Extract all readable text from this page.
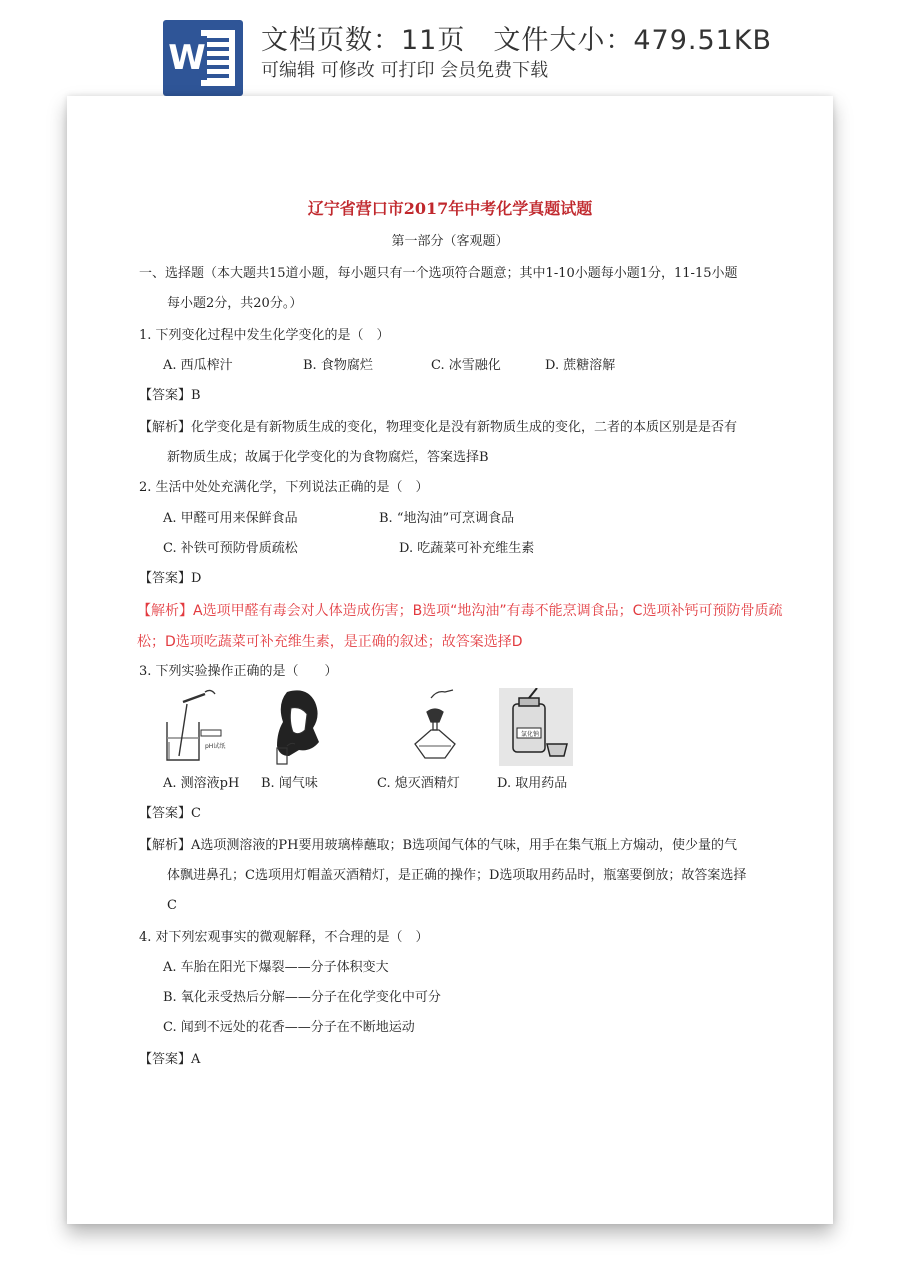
W 文档页数：11页 文件大小：479.51KB
可编辑 可修改 可打印 会员免费下载
辽宁省营口市2017年中考化学真题试题
第一部分（客观题）
一、选择题（本大题共15道小题，每小题只有一个选项符合题意；其中1-10小题每小题1分，11-15小题
每小题2分，共20分。）
1. 下列变化过程中发生化学变化的是（　）
A. 西瓜榨汁	B. 食物腐烂	C. 冰雪融化	D. 蔗糖溶解
【答案】B
【解析】化学变化是有新物质生成的变化，物理变化是没有新物质生成的变化，二者的本质区别是是否有
新物质生成；故属于化学变化的为食物腐烂，答案选择B
2. 生活中处处充满化学，下列说法正确的是（　）
A. 甲醛可用来保鲜食品	B. “地沟油”可烹调食品
C. 补铁可预防骨质疏松	D. 吃蔬菜可补充维生素
【答案】D
【解析】A选项甲醛有毒会对人体造成伤害；B选项“地沟油”有毒不能烹调食品；C选项补钙可预防骨质疏
松；D选项吃蔬菜可补充维生素，是正确的叙述；故答案选择D
3. 下列实验操作正确的是（　　）
pH试纸
氯化钠
A. 测溶液pH B. 闻气味	C. 熄灭酒精灯	D. 取用药品
【答案】C
【解析】A选项测溶液的PH要用玻璃棒蘸取；B选项闻气体的气味，用手在集气瓶上方煽动，使少量的气
体飘进鼻孔；C选项用灯帽盖灭酒精灯，是正确的操作；D选项取用药品时，瓶塞要倒放；故答案选择
C
4. 对下列宏观事实的微观解释，不合理的是（　）
A. 车胎在阳光下爆裂——分子体积变大
B. 氧化汞受热后分解——分子在化学变化中可分
C. 闻到不远处的花香——分子在不断地运动
【答案】A
